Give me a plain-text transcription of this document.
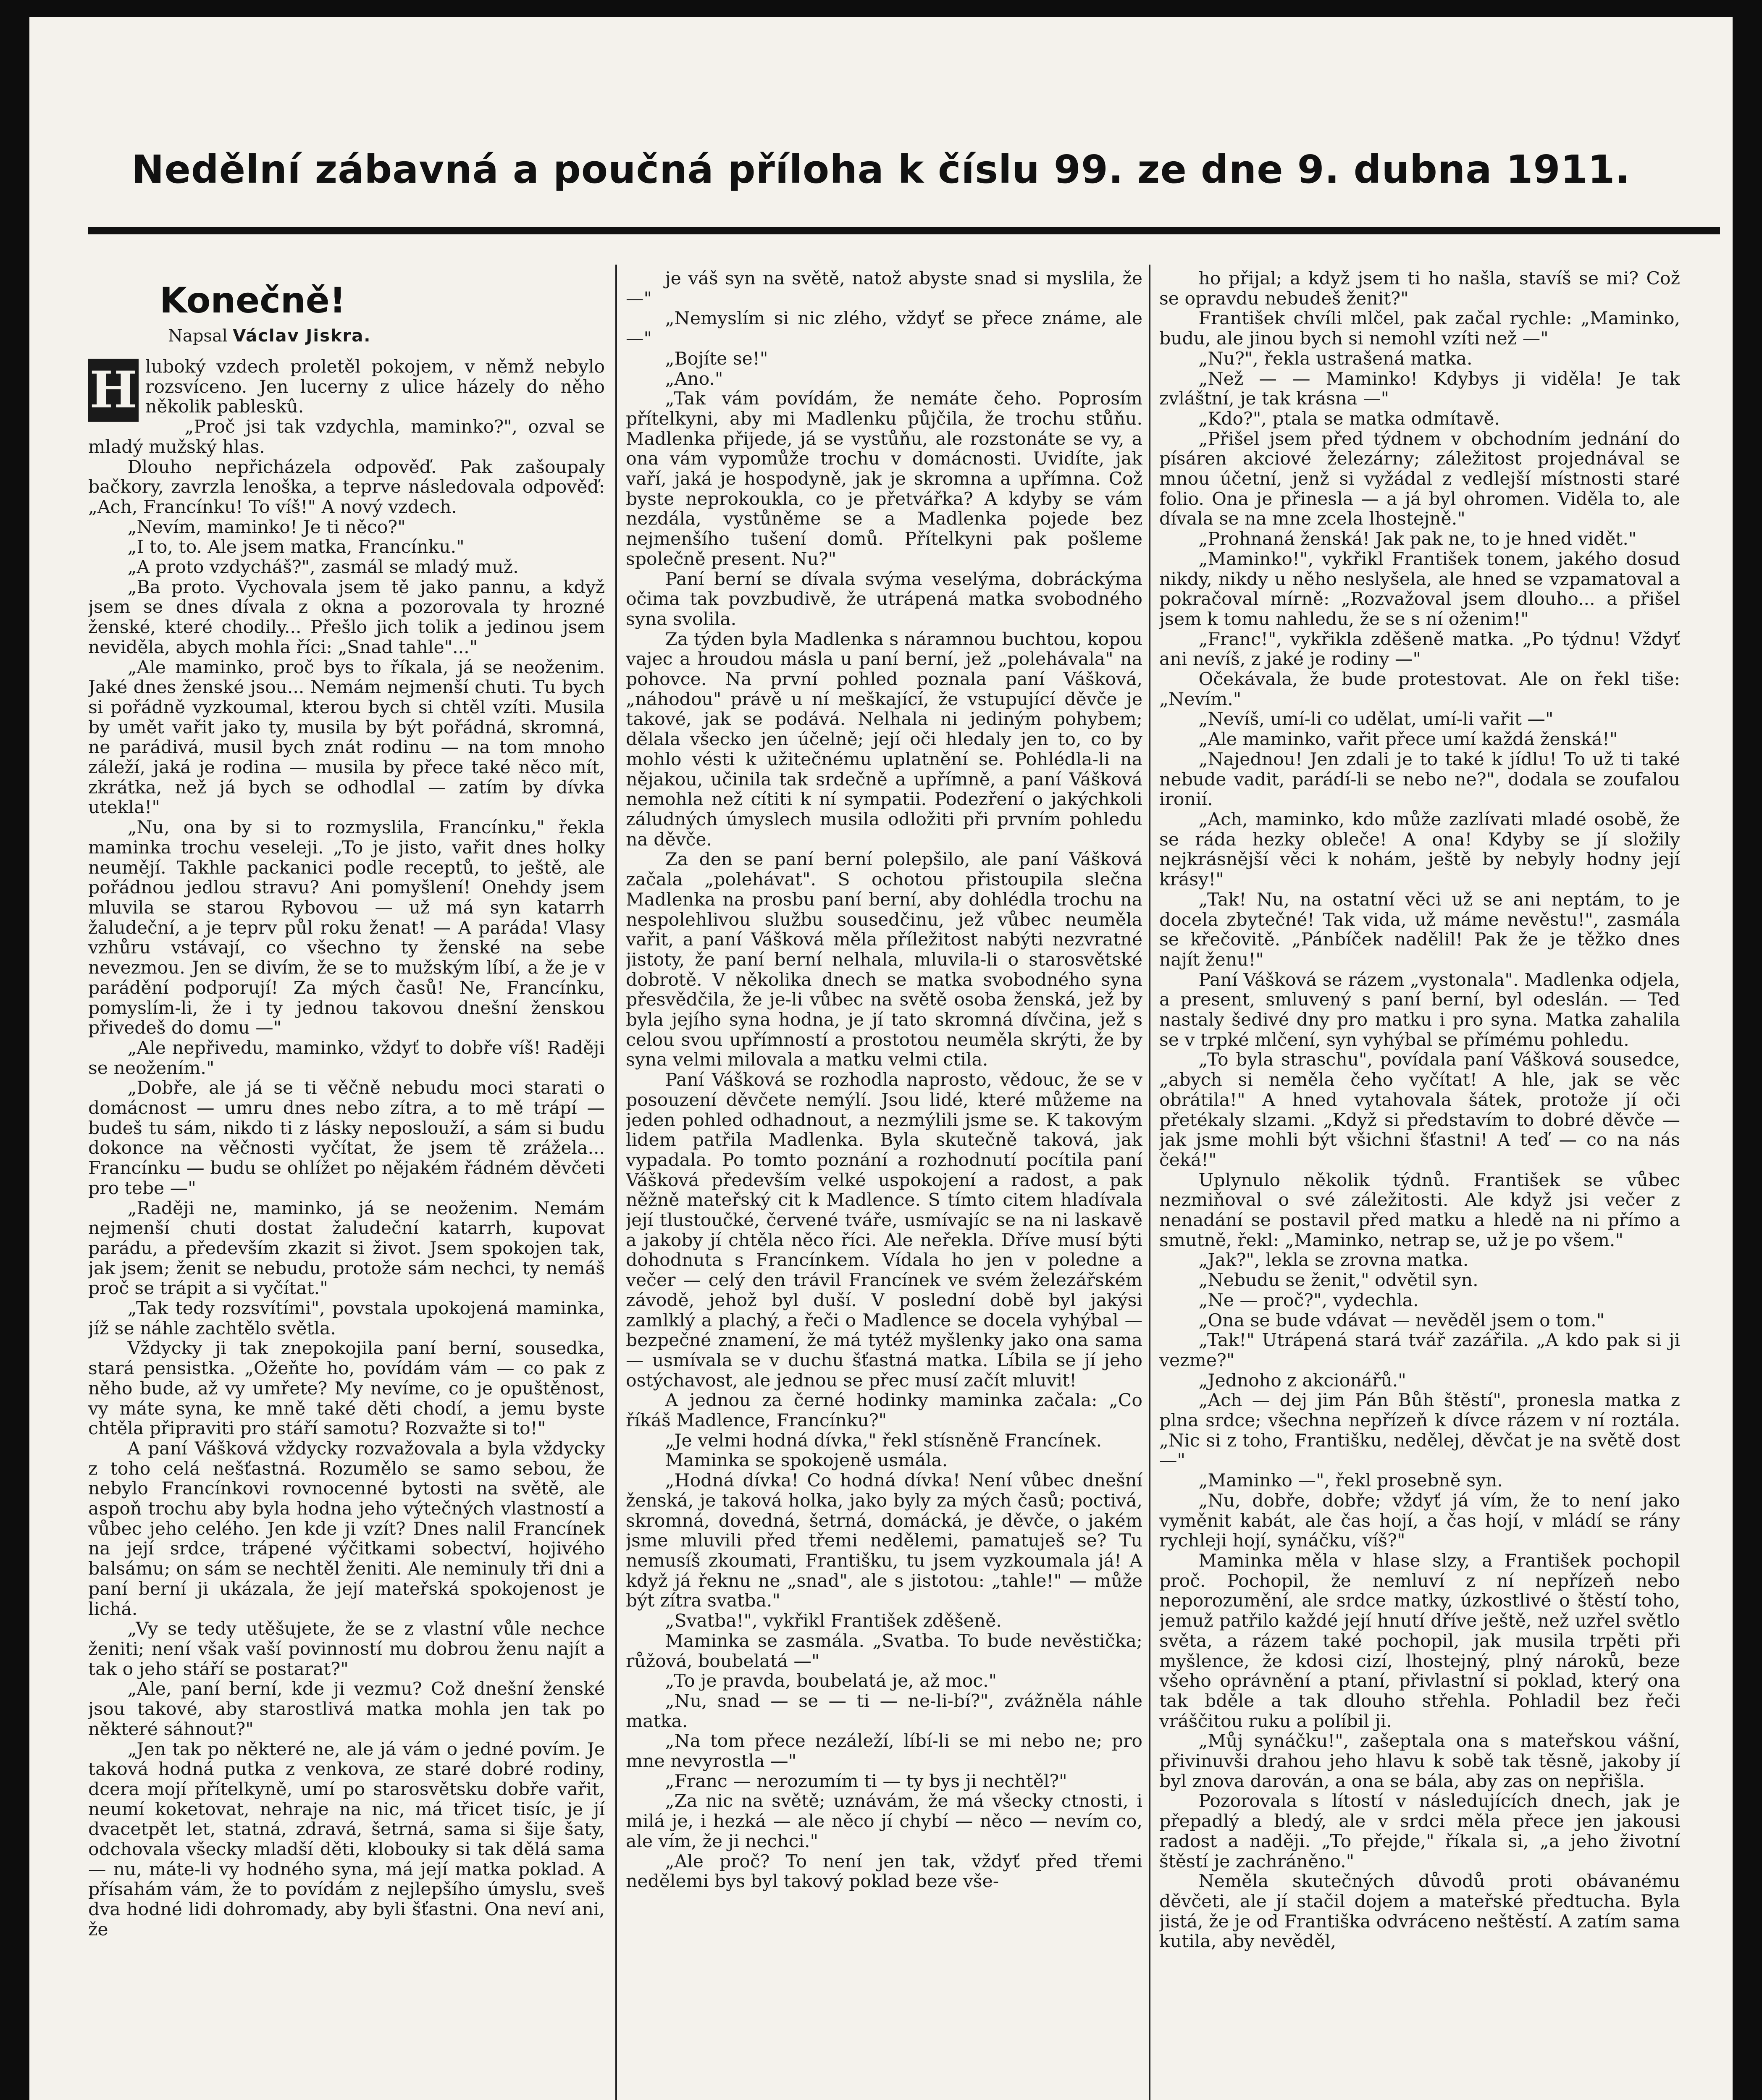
Nedělní zábavná a poučná příloha k číslu 99. ze dne 9. dubna 1911.
Konečně!
Napsal Václav Jiskra.
H luboký vzdech proletěl pokojem, v němž nebylo rozsvíceno. Jen lucerny z ulice házely do něho několik pableskû.

„Proč jsi tak vzdychla, maminko?", ozval se mladý mužský hlas.

Dlouho nepřicházela odpověď. Pak zašoupaly bačkory, zavrzla lenoška, a teprve následovala odpověď: „Ach, Francínku! To víš!" A nový vzdech.

„Nevím, maminko! Je ti něco?"

„I to, to. Ale jsem matka, Francínku."

„A proto vzdycháš?", zasmál se mladý muž.

„Ba proto. Vychovala jsem tě jako pannu, a když jsem se dnes dívala z okna a pozorovala ty hrozné ženské, které chodily... Přešlo jich tolik a jedinou jsem neviděla, abych mohla říci: „Snad tahle"..."

„Ale maminko, proč bys to říkala, já se neoženim. Jaké dnes ženské jsou... Nemám nejmenší chuti. Tu bych si pořádně vyzkoumal, kterou bych si chtěl vzíti. Musila by umět vařit jako ty, musila by být pořádná, skromná, ne parádivá, musil bych znát rodinu — na tom mnoho záleží, jaká je rodina — musila by přece také něco mít, zkrátka, než já bych se odhodlal — zatím by dívka utekla!"

„Nu, ona by si to rozmyslila, Francínku," řekla maminka trochu veseleji. „To je jisto, vařit dnes holky neumějí. Takhle packanici podle receptů, to ještě, ale pořádnou jedlou stravu? Ani pomyšlení! Onehdy jsem mluvila se starou Rybovou — už má syn katarrh žaludeční, a je teprv půl roku ženat! — A paráda! Vlasy vzhůru vstávají, co všechno ty ženské na sebe nevezmou. Jen se divím, že se to mužským líbí, a že je v parádění podporují! Za mých časů! Ne, Francínku, pomyslím-li, že i ty jednou takovou dnešní ženskou přivedeš do domu —"

„Ale nepřivedu, maminko, vždyť to dobře víš! Raději se neožením."

„Dobře, ale já se ti věčně nebudu moci starati o domácnost — umru dnes nebo zítra, a to mě trápí — budeš tu sám, nikdo ti z lásky neposlouží, a sám si budu dokonce na věčnosti vyčítat, že jsem tě zrážela... Francínku — budu se ohlížet po nějakém řádném děvčeti pro tebe —"

„Raději ne, maminko, já se neoženim. Nemám nejmenší chuti dostat žaludeční katarrh, kupovat parádu, a především zkazit si život. Jsem spokojen tak, jak jsem; ženit se nebudu, protože sám nechci, ty nemáš proč se trápit a si vyčítat."

„Tak tedy rozsvítími", povstala upokojená maminka, jíž se náhle zachtělo světla.

Vždycky ji tak znepokojila paní berní, sousedka, stará pensistka. „Ožeňte ho, povídám vám — co pak z něho bude, až vy umřete? My nevíme, co je opuštěnost, vy máte syna, ke mně také děti chodí, a jemu byste chtěla připraviti pro stáří samotu? Rozvažte si to!"

A paní Vášková vždycky rozvažovala a byla vždycky z toho celá nešťastná. Rozumělo se samo sebou, že nebylo Francínkovi rovnocenné bytosti na světě, ale aspoň trochu aby byla hodna jeho výtečných vlastností a vůbec jeho celého. Jen kde ji vzít? Dnes nalil Francínek na její srdce, trápené výčitkami sobectví, hojivého balsámu; on sám se nechtěl ženiti. Ale neminuly tři dni a paní berní ji ukázala, že její mateřská spokojenost je lichá.

„Vy se tedy utěšujete, že se z vlastní vůle nechce ženiti; není však vaší povinností mu dobrou ženu najít a tak o jeho stáří se postarat?"

„Ale, paní berní, kde ji vezmu? Což dnešní ženské jsou takové, aby starostlivá matka mohla jen tak po některé sáhnout?"

„Jen tak po některé ne, ale já vám o jedné povím. Je taková hodná putka z venkova, ze staré dobré rodiny, dcera mojí přítelkyně, umí po starosvětsku dobře vařit, neumí koketovat, nehraje na nic, má třicet tisíc, je jí dvacetpět let, statná, zdravá, šetrná, sama si šije šaty, odchovala všecky mladší děti, klobouky si tak dělá sama — nu, máte-li vy hodného syna, má její matka poklad. A přísahám vám, že to povídám z nejlepšího úmyslu, sveš dva hodné lidi dohromady, aby byli šťastni. Ona neví ani, že

je váš syn na světě, natož abyste snad si myslila, že —"

„Nemyslím si nic zlého, vždyť se přece známe, ale —"

„Bojíte se!"

„Ano."

„Tak vám povídám, že nemáte čeho. Poprosím přítelkyni, aby mi Madlenku půjčila, že trochu stůňu. Madlenka přijede, já se vystůňu, ale rozstonáte se vy, a ona vám vypomůže trochu v domácnosti. Uvidíte, jak vaří, jaká je hospodyně, jak je skromna a upřímna. Což byste neprokoukla, co je přetvářka? A kdyby se vám nezdála, vystůněme se a Madlenka pojede bez nejmenšího tušení domů. Přítelkyni pak pošleme společně present. Nu?"

Paní berní se dívala svýma veselýma, dobráckýma očima tak povzbudivě, že utrápená matka svobodného syna svolila.

Za týden byla Madlenka s náramnou buchtou, kopou vajec a hroudou másla u paní berní, jež „polehávala" na pohovce. Na první pohled poznala paní Vášková, „náhodou" právě u ní meškající, že vstupující děvče je takové, jak se podává. Nelhala ni jediným pohybem; dělala všecko jen účelně; její oči hledaly jen to, co by mohlo vésti k užitečnému uplatnění se. Pohlédla-li na nějakou, učinila tak srdečně a upřímně, a paní Vášková nemohla než cítiti k ní sympatii. Podezření o jakýchkoli záludných úmyslech musila odložiti při prvním pohledu na děvče.

Za den se paní berní polepšilo, ale paní Vášková začala „polehávat". S ochotou přistoupila slečna Madlenka na prosbu paní berní, aby dohlédla trochu na nespolehlivou službu sousedčinu, jež vůbec neuměla vařit, a paní Vášková měla příležitost nabýti nezvratné jistoty, že paní berní nelhala, mluvila-li o starosvětské dobrotě. V několika dnech se matka svobodného syna přesvědčila, že je-li vůbec na světě osoba ženská, jež by byla jejího syna hodna, je jí tato skromná dívčina, jež s celou svou upřímností a prostotou neuměla skrýti, že by syna velmi milovala a matku velmi ctila.

Paní Vášková se rozhodla naprosto, vědouc, že se v posouzení děvčete nemýlí. Jsou lidé, které můžeme na jeden pohled odhadnout, a nezmýlili jsme se. K takovým lidem patřila Madlenka. Byla skutečně taková, jak vypadala. Po tomto poznání a rozhodnutí pocítila paní Vášková především velké uspokojení a radost, a pak něžně mateřský cit k Madlence. S tímto citem hladívala její tlustoučké, červené tváře, usmívajíc se na ni laskavě a jakoby jí chtěla něco říci. Ale neřekla. Dříve musí býti dohodnuta s Francínkem. Vídala ho jen v poledne a večer — celý den trávil Francínek ve svém železářském závodě, jehož byl duší. V poslední době byl jakýsi zamlklý a plachý, a řeči o Madlence se docela vyhýbal — bezpečné znamení, že má tytéž myšlenky jako ona sama — usmívala se v duchu šťastná matka. Líbila se jí jeho ostýchavost, ale jednou se přec musí začít mluvit!

A jednou za černé hodinky maminka začala: „Co říkáš Madlence, Francínku?"

„Je velmi hodná dívka," řekl stísněně Francínek.

Maminka se spokojeně usmála.

„Hodná dívka! Co hodná dívka! Není vůbec dnešní ženská, je taková holka, jako byly za mých časů; poctivá, skromná, dovedná, šetrná, domácká, je děvče, o jakém jsme mluvili před třemi nedělemi, pamatuješ se? Tu nemusíš zkoumati, Františku, tu jsem vyzkoumala já! A když já řeknu ne „snad", ale s jistotou: „tahle!" — může být zítra svatba."

„Svatba!", vykřikl František zděšeně.

Maminka se zasmála. „Svatba. To bude nevěstička; růžová, boubelatá —"

„To je pravda, boubelatá je, až moc."

„Nu, snad — se — ti — ne-li-bí?", zvážněla náhle matka.

„Na tom přece nezáleží, líbí-li se mi nebo ne; pro mne nevyrostla —"

„Franc — nerozumím ti — ty bys ji nechtěl?"

„Za nic na světě; uznávám, že má všecky ctnosti, i milá je, i hezká — ale něco jí chybí — něco — nevím co, ale vím, že ji nechci."

„Ale proč? To není jen tak, vždyť před třemi nedělemi bys byl takový poklad beze vše-

ho přijal; a když jsem ti ho našla, stavíš se mi? Což se opravdu nebudeš ženit?"

František chvíli mlčel, pak začal rychle: „Maminko, budu, ale jinou bych si nemohl vzíti než —"

„Nu?", řekla ustrašená matka.

„Než — — Maminko! Kdybys ji viděla! Je tak zvláštní, je tak krásna —"

„Kdo?", ptala se matka odmítavě.

„Přišel jsem před týdnem v obchodním jednání do písáren akciové železárny; záležitost projednával se mnou účetní, jenž si vyžádal z vedlejší místnosti staré folio. Ona je přinesla — a já byl ohromen. Viděla to, ale dívala se na mne zcela lhostejně."

„Prohnaná ženská! Jak pak ne, to je hned vidět."

„Maminko!", vykřikl František tonem, jakého dosud nikdy, nikdy u něho neslyšela, ale hned se vzpamatoval a pokračoval mírně: „Rozvažoval jsem dlouho... a přišel jsem k tomu nahledu, že se s ní oženim!"

„Franc!", vykřikla zděšeně matka. „Po týdnu! Vždyť ani nevíš, z jaké je rodiny —"

Očekávala, že bude protestovat. Ale on řekl tiše: „Nevím."

„Nevíš, umí-li co udělat, umí-li vařit —"

„Ale maminko, vařit přece umí každá ženská!"

„Najednou! Jen zdali je to také k jídlu! To už ti také nebude vadit, parádí-li se nebo ne?", dodala se zoufalou ironií.

„Ach, maminko, kdo může zazlívati mladé osobě, že se ráda hezky obleče! A ona! Kdyby se jí složily nejkrásnější věci k nohám, ještě by nebyly hodny její krásy!"

„Tak! Nu, na ostatní věci už se ani neptám, to je docela zbytečné! Tak vida, už máme nevěstu!", zasmála se křečovitě. „Pánbíček nadělil! Pak že je těžko dnes najít ženu!"

Paní Vášková se rázem „vystonala". Madlenka odjela, a present, smluvený s paní berní, byl odeslán. — Teď nastaly šedivé dny pro matku i pro syna. Matka zahalila se v trpké mlčení, syn vyhýbal se přímému pohledu.

„To byla straschu", povídala paní Vášková sousedce, „abych si neměla čeho vyčítat! A hle, jak se věc obrátila!" A hned vytahovala šátek, protože jí oči přetékaly slzami. „Když si představím to dobré děvče — jak jsme mohli být všichni šťastni! A teď — co na nás čeká!"

Uplynulo několik týdnů. František se vůbec nezmiňoval o své záležitosti. Ale když jsi večer z nenadání se postavil před matku a hledě na ni přímo a smutně, řekl: „Maminko, netrap se, už je po všem."

„Jak?", lekla se zrovna matka.

„Nebudu se ženit," odvětil syn.

„Ne — proč?", vydechla.

„Ona se bude vdávat — nevěděl jsem o tom."

„Tak!" Utrápená stará tvář zazářila. „A kdo pak si ji vezme?"

„Jednoho z akcionářů."

„Ach — dej jim Pán Bůh štěstí", pronesla matka z plna srdce; všechna nepřízeň k dívce rázem v ní roztála. „Nic si z toho, Františku, nedělej, děvčat je na světě dost —"

„Maminko —", řekl prosebně syn.

„Nu, dobře, dobře; vždyť já vím, že to není jako vyměnit kabát, ale čas hojí, a čas hojí, v mládí se rány rychleji hojí, synáčku, víš?"

Maminka měla v hlase slzy, a František pochopil proč. Pochopil, že nemluví z ní nepřízeň nebo neporozumění, ale srdce matky, úzkostlivé o štěstí toho, jemuž patřilo každé její hnutí dříve ještě, než uzřel světlo světa, a rázem také pochopil, jak musila trpěti při myšlence, že kdosi cizí, lhostejný, plný nároků, beze všeho oprávnění a ptaní, přivlastní si poklad, který ona tak bděle a tak dlouho střehla. Pohladil bez řeči vráščitou ruku a políbil ji.

„Můj synáčku!", zašeptala ona s mateřskou vášní, přivinuvši drahou jeho hlavu k sobě tak těsně, jakoby jí byl znova darován, a ona se bála, aby zas on nepřišla.

Pozorovala s lítostí v následujících dnech, jak je přepadlý a bledý, ale v srdci měla přece jen jakousi radost a naději. „To přejde," říkala si, „a jeho životní štěstí je zachráněno."

Neměla skutečných důvodů proti obávanému děvčeti, ale jí stačil dojem a mateřské předtucha. Byla jistá, že je od Františka odvráceno neštěstí. A zatím sama kutila, aby nevěděl,
